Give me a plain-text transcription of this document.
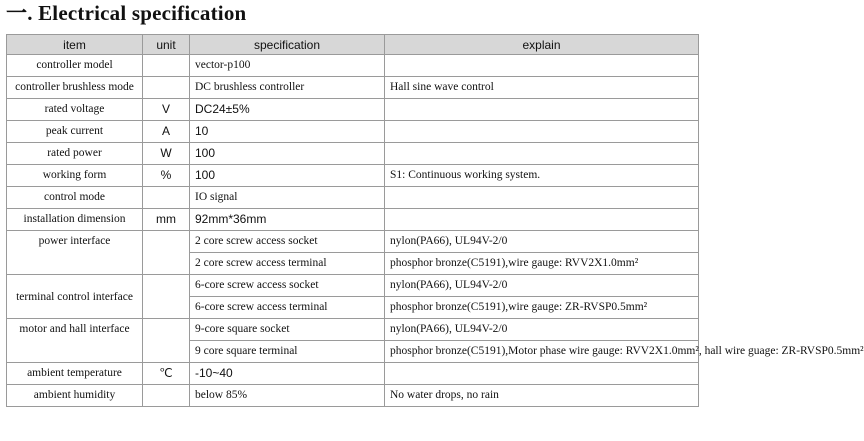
一. Electrical specification
item	unit	specification	explain
controller model		vector-p100	
controller brushless mode		DC brushless controller	Hall sine wave control
rated voltage	V	DC24±5%	
peak current	A	10	
rated power	W	100	
working form	%	100	S1: Continuous working system.
control mode		IO signal	
installation dimension	mm	92mm*36mm	
power interface		2 core screw access socket	nylon(PA66), UL94V-2/0
		2 core screw access terminal	phosphor bronze(C5191),wire gauge: RVV2X1.0mm²
terminal control interface		6-core screw access socket	nylon(PA66), UL94V-2/0
		6-core screw access terminal	phosphor bronze(C5191),wire gauge: ZR-RVSP0.5mm²
motor and hall interface		9-core square socket	nylon(PA66), UL94V-2/0
		9 core square terminal	phosphor bronze(C5191),Motor phase wire gauge: RVV2X1.0mm², hall wire guage: ZR-RVSP0.5mm²
ambient temperature	℃	-10~40	
ambient humidity		below 85%	No water drops, no rain
